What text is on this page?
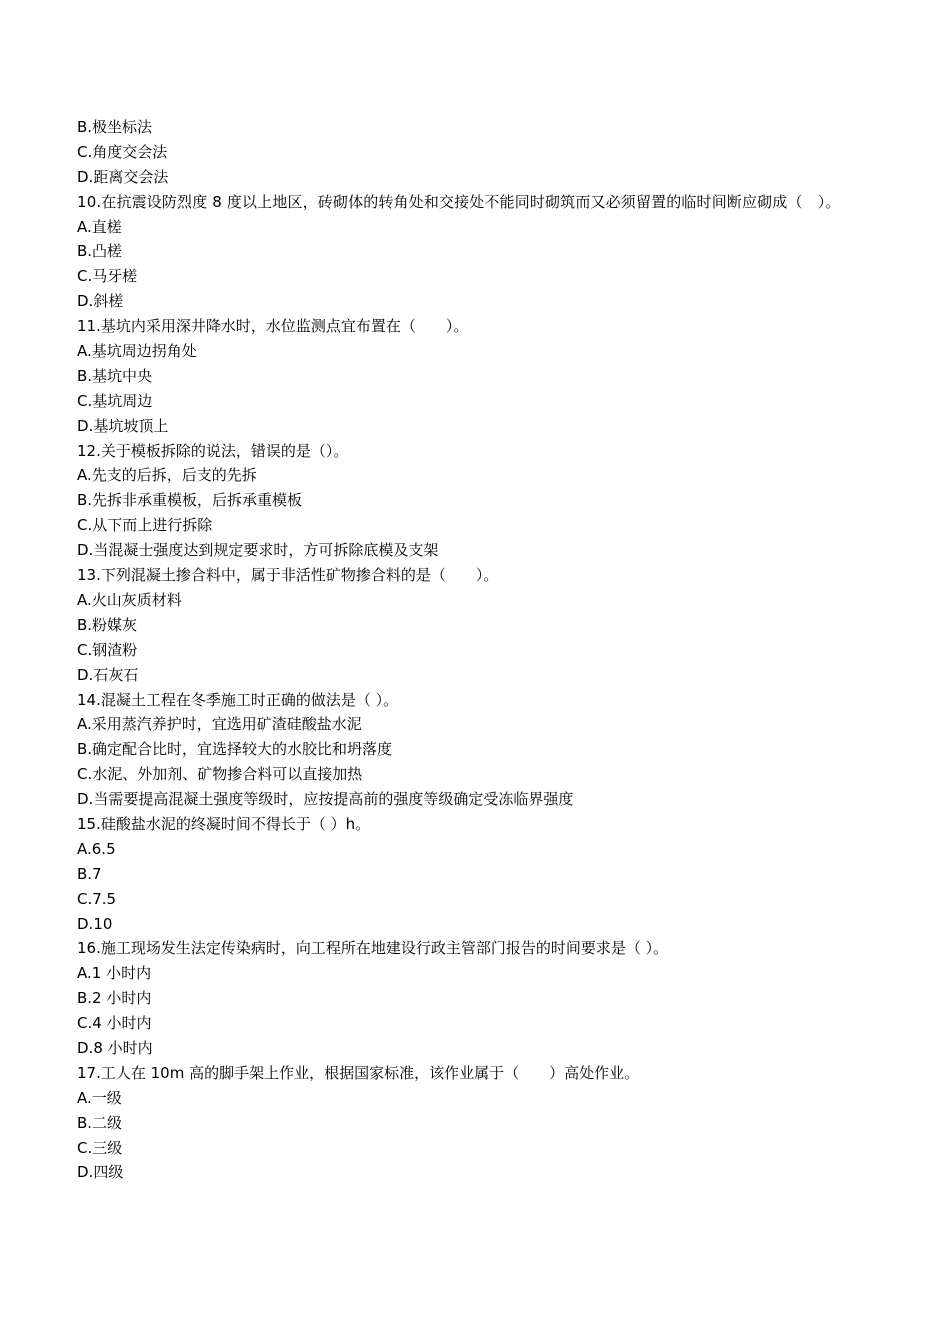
B.极坐标法
C.角度交会法
D.距离交会法
10.在抗震设防烈度 8 度以上地区，砖砌体的转角处和交接处不能同时砌筑而又必须留置的临时间断应砌成（　）。
A.直槎
B.凸槎
C.马牙槎
D.斜槎
11.基坑内采用深井降水时，水位监测点宜布置在（　　）。
A.基坑周边拐角处
B.基坑中央
C.基坑周边
D.基坑坡顶上
12.关于模板拆除的说法，错误的是（）。
A.先支的后拆，后支的先拆
B.先拆非承重模板，后拆承重模板
C.从下而上进行拆除
D.当混凝士强度达到规定要求时，方可拆除底模及支架
13.下列混凝土掺合料中，属于非活性矿物掺合料的是（　　）。
A.火山灰质材料
B.粉媒灰
C.钢渣粉
D.石灰石
14.混凝土工程在冬季施工时正确的做法是（ ）。
A.采用蒸汽养护时，宜选用矿渣硅酸盐水泥
B.确定配合比时，宜选择较大的水胶比和坍落度
C.水泥、外加剂、矿物掺合料可以直接加热
D.当需要提高混凝土强度等级时，应按提高前的强度等级确定受冻临界强度
15.硅酸盐水泥的终凝时间不得长于（ ）h。
A.6.5
B.7
C.7.5
D.10
16.施工现场发生法定传染病时，向工程所在地建设行政主管部门报告的时间要求是（ ）。
A.1 小时内
B.2 小时内
C.4 小时内
D.8 小时内
17.工人在 10m 高的脚手架上作业，根据国家标准，该作业属于（　　）高处作业。
A.一级
B.二级
C.三级
D.四级
